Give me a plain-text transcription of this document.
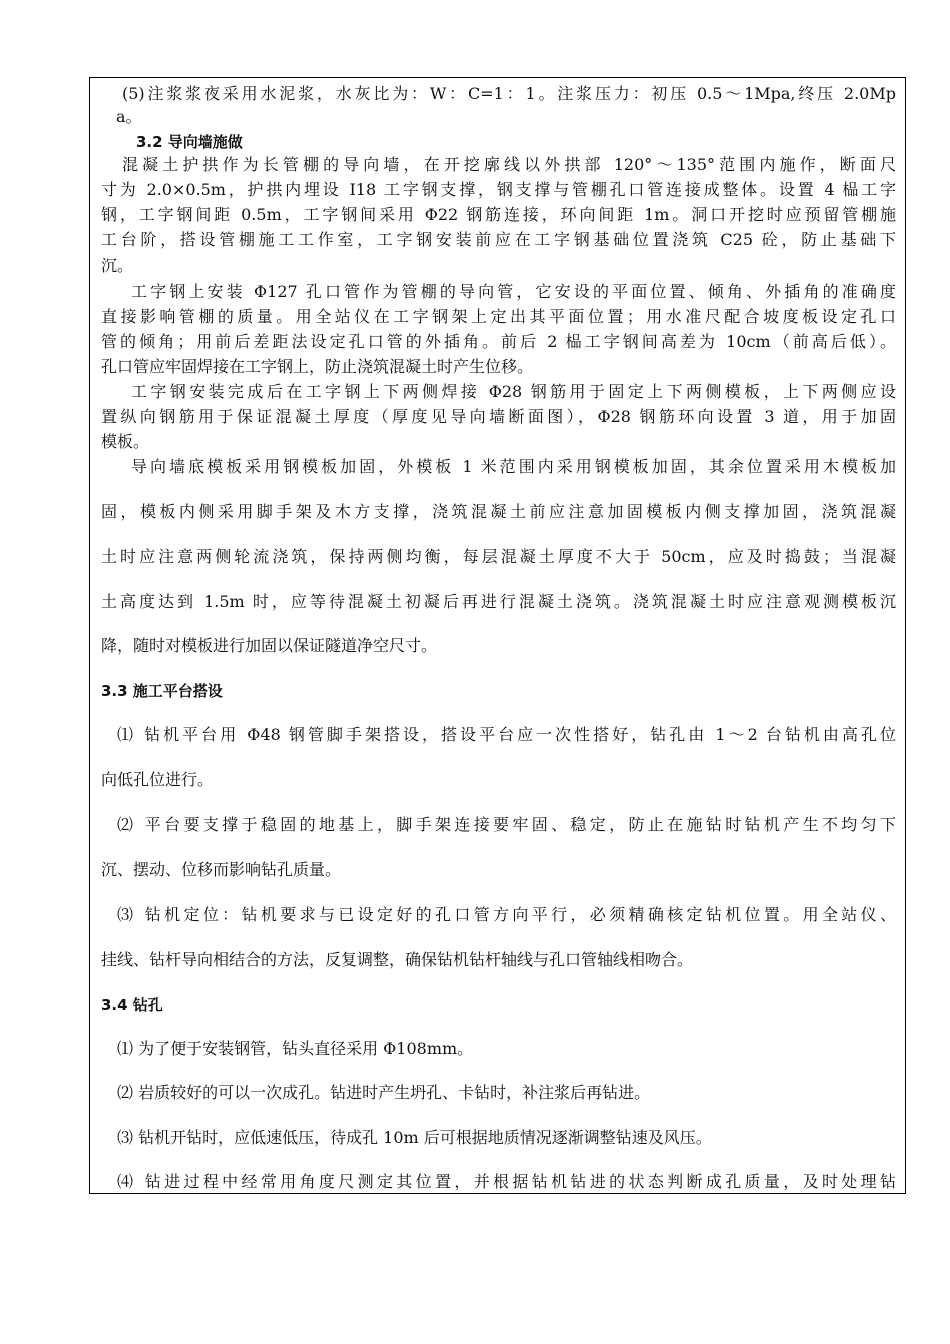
(5)注浆浆夜采用水泥浆，水灰比为：W：C=1：1。注浆压力：初压 0.5～1Mpa,终压 2.0Mp
a。
3.2 导向墙施做
混凝土护拱作为长管棚的导向墙，在开挖廓线以外拱部 120°～135°范围内施作，断面尺
寸为 2.0×0.5m，护拱内埋设 I18 工字钢支撑，钢支撑与管棚孔口管连接成整体。设置 4 榀工字
钢，工字钢间距 0.5m，工字钢间采用 Φ22 钢筋连接，环向间距 1m。洞口开挖时应预留管棚施
工台阶，搭设管棚施工工作室，工字钢安装前应在工字钢基础位置浇筑 C25 砼，防止基础下
沉。
工字钢上安装 Φ127 孔口管作为管棚的导向管，它安设的平面位置、倾角、外插角的准确度
直接影响管棚的质量。用全站仪在工字钢架上定出其平面位置；用水准尺配合坡度板设定孔口
管的倾角；用前后差距法设定孔口管的外插角。前后 2 榀工字钢间高差为 10cm（前高后低）。
孔口管应牢固焊接在工字钢上，防止浇筑混凝土时产生位移。
工字钢安装完成后在工字钢上下两侧焊接 Φ28 钢筋用于固定上下两侧模板，上下两侧应设
置纵向钢筋用于保证混凝土厚度（厚度见导向墙断面图），Φ28 钢筋环向设置 3 道，用于加固
模板。
导向墙底模板采用钢模板加固，外模板 1 米范围内采用钢模板加固，其余位置采用木模板加
固，模板内侧采用脚手架及木方支撑，浇筑混凝土前应注意加固模板内侧支撑加固，浇筑混凝
土时应注意两侧轮流浇筑，保持两侧均衡，每层混凝土厚度不大于 50cm，应及时捣鼓；当混凝
土高度达到 1.5m 时，应等待混凝土初凝后再进行混凝土浇筑。浇筑混凝土时应注意观测模板沉
降，随时对模板进行加固以保证隧道净空尺寸。
3.3 施工平台搭设
⑴ 钻机平台用 Φ48 钢管脚手架搭设，搭设平台应一次性搭好，钻孔由 1～2 台钻机由高孔位
向低孔位进行。
⑵ 平台要支撑于稳固的地基上，脚手架连接要牢固、稳定，防止在施钻时钻机产生不均匀下
沉、摆动、位移而影响钻孔质量。
⑶ 钻机定位：钻机要求与已设定好的孔口管方向平行，必须精确核定钻机位置。用全站仪、
挂线、钻杆导向相结合的方法，反复调整，确保钻机钻杆轴线与孔口管轴线相吻合。
3.4 钻孔
⑴ 为了便于安装钢管，钻头直径采用 Φ108mm。
⑵ 岩质较好的可以一次成孔。钻进时产生坍孔、卡钻时，补注浆后再钻进。
⑶ 钻机开钻时，应低速低压，待成孔 10m 后可根据地质情况逐渐调整钻速及风压。
⑷ 钻进过程中经常用角度尺测定其位置，并根据钻机钻进的状态判断成孔质量，及时处理钻
